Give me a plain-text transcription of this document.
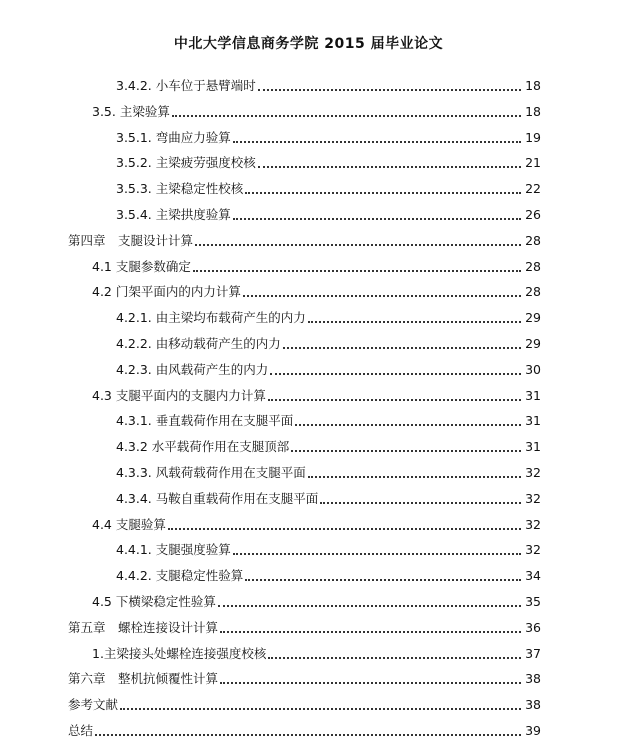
中北大学信息商务学院 2015 届毕业论文
3.4.2. 小车位于悬臂端时	18
3.5. 主梁验算	18
3.5.1. 弯曲应力验算	19
3.5.2. 主梁疲劳强度校核	21
3.5.3. 主梁稳定性校核	22
3.5.4. 主梁拱度验算	26
第四章　支腿设计计算	28
4.1 支腿参数确定	28
4.2 门架平面内的内力计算	28
4.2.1. 由主梁均布载荷产生的内力	29
4.2.2. 由移动载荷产生的内力	29
4.2.3. 由风载荷产生的内力	30
4.3 支腿平面内的支腿内力计算	31
4.3.1. 垂直载荷作用在支腿平面	31
4.3.2 水平载荷作用在支腿顶部	31
4.3.3. 风载荷载荷作用在支腿平面	32
4.3.4. 马鞍自重载荷作用在支腿平面	32
4.4 支腿验算	32
4.4.1. 支腿强度验算	32
4.4.2. 支腿稳定性验算	34
4.5 下横梁稳定性验算	35
第五章　螺栓连接设计计算	36
1.主梁接头处螺栓连接强度校核	37
第六章　整机抗倾覆性计算	38
参考文献	38
总结	39
